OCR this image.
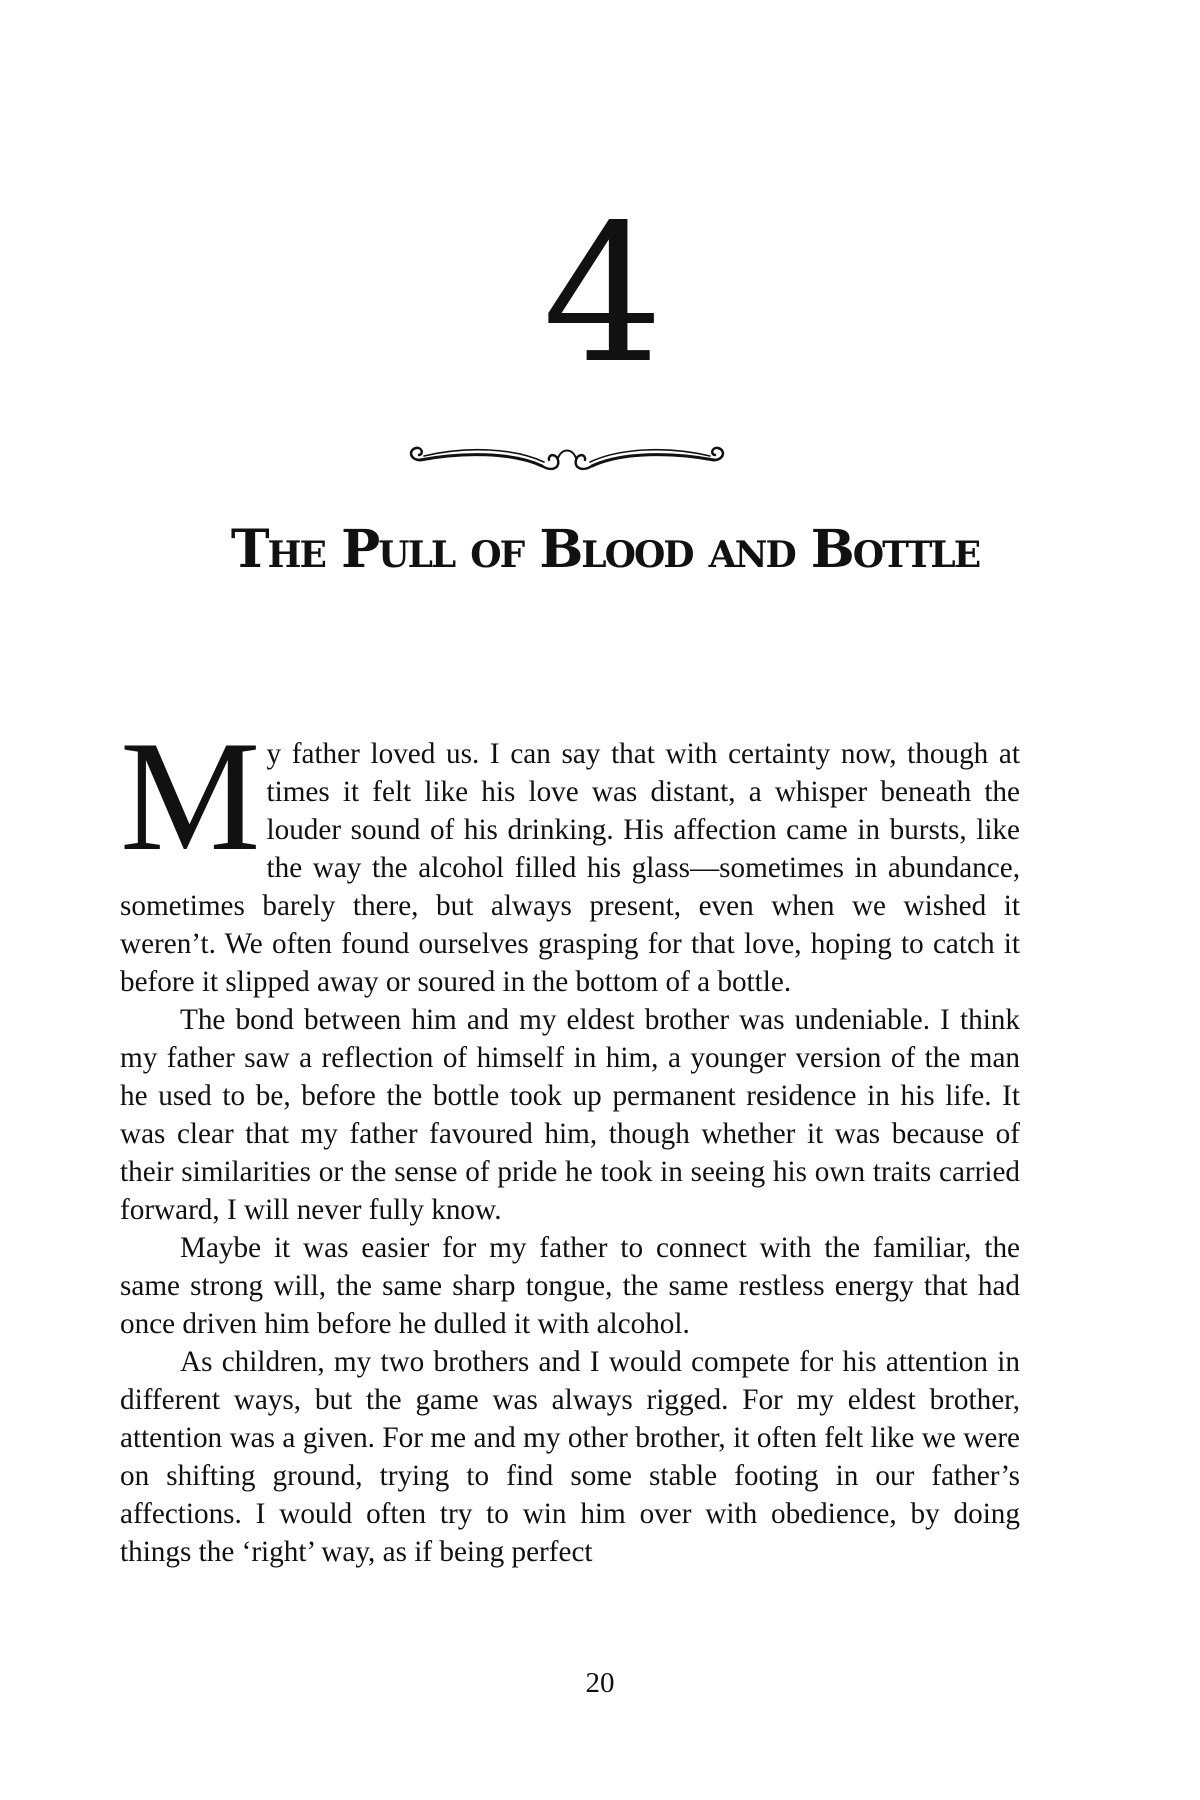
4
The Pull of Blood and Bottle

My father loved us. I can say that with certainty now, though at times it felt like his love was distant, a whisper beneath the louder sound of his drinking. His affection came in bursts, like the way the alcohol filled his glass—sometimes in abundance, sometimes barely there, but always present, even when we wished it weren’t. We often found ourselves grasping for that love, hoping to catch it before it slipped away or soured in the bottom of a bottle.

The bond between him and my eldest brother was undeniable. I think my father saw a reflection of himself in him, a younger version of the man he used to be, before the bottle took up permanent residence in his life. It was clear that my father favoured him, though whether it was because of their similarities or the sense of pride he took in seeing his own traits carried forward, I will never fully know.

Maybe it was easier for my father to connect with the familiar, the same strong will, the same sharp tongue, the same restless energy that had once driven him before he dulled it with alcohol.

As children, my two brothers and I would compete for his attention in different ways, but the game was always rigged. For my eldest brother, attention was a given. For me and my other brother, it often felt like we were on shifting ground, trying to find some stable footing in our father’s affections. I would often try to win him over with obedience, by doing things the ‘right’ way, as if being perfect

20
